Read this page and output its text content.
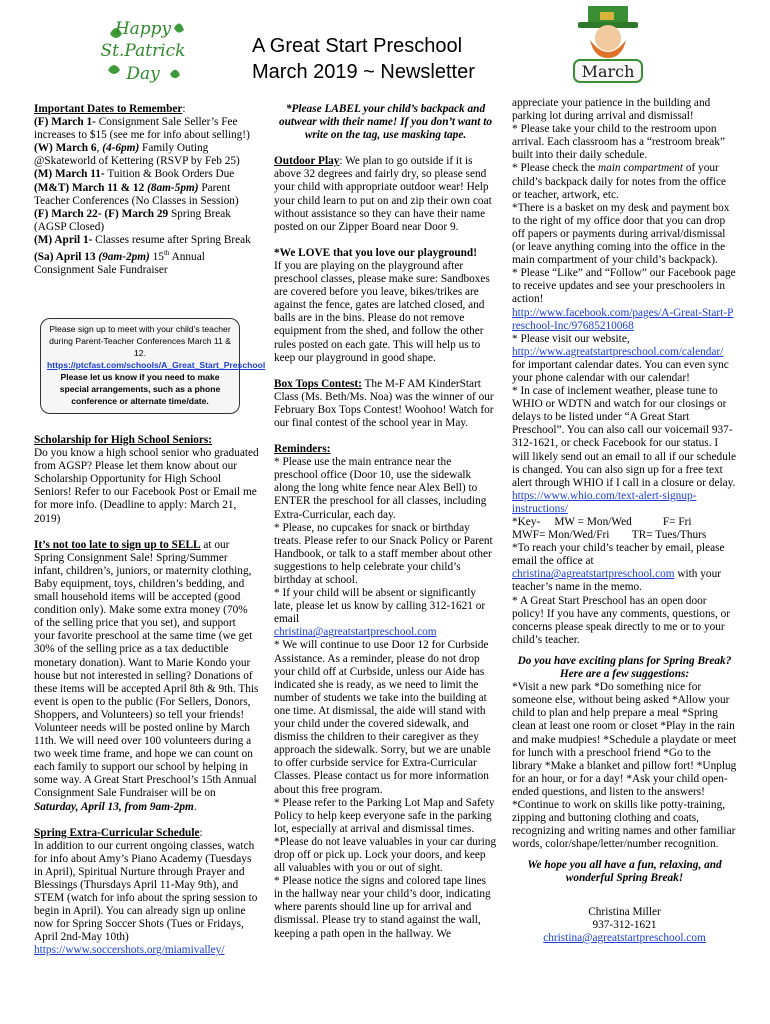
Happy
St.Patrick
Day
A Great Start Preschool
March 2019 ~ Newsletter	March

Important Dates to Remember:

(F) March 1- Consignment Sale Seller’s Fee increases to $15 (see me for info about selling!)

(W) March 6, (4-6pm) Family Outing @Skateworld of Kettering (RSVP by Feb 25)

(M) March 11- Tuition & Book Orders Due

(M&T) March 11 & 12 (8am-5pm) Parent Teacher Conferences (No Classes in Session)

(F) March 22- (F) March 29 Spring Break (AGSP Closed)

(M) April 1- Classes resume after Spring Break

(Sa) April 13 (9am-2pm) 15th Annual Consignment Sale Fundraiser

Please sign up to meet with your child’s teacher during Parent-Teacher Conferences March 11 & 12.
https://ptcfast.com/schools/A_Great_Start_Preschool Please let us know if you need to make special arrangements, such as a phone conference or alternate time/date.

Scholarship for High School Seniors:

Do you know a high school senior who graduated from AGSP? Please let them know about our Scholarship Opportunity for High School Seniors! Refer to our Facebook Post or Email me for more info. (Deadline to apply: March 21, 2019)

It’s not too late to sign up to SELL at our Spring Consignment Sale! Spring/Summer infant, children’s, juniors, or maternity clothing, Baby equipment, toys, children’s bedding, and small household items will be accepted (good condition only). Make some extra money (70% of the selling price that you set), and support your favorite preschool at the same time (we get 30% of the selling price as a tax deductible monetary donation). Want to Marie Kondo your house but not interested in selling? Donations of these items will be accepted April 8th & 9th. This event is open to the public (For Sellers, Donors, Shoppers, and Volunteers) so tell your friends! Volunteer needs will be posted online by March 11th. We will need over 100 volunteers during a two week time frame, and hope we can count on each family to support our school by helping in some way. A Great Start Preschool’s 15th Annual Consignment Sale Fundraiser will be on Saturday, April 13, from 9am-2pm.

Spring Extra-Curricular Schedule:

In addition to our current ongoing classes, watch for info about Amy’s Piano Academy (Tuesdays in April), Spiritual Nurture through Prayer and Blessings (Thursdays April 11-May 9th), and STEM (watch for info about the spring session to begin in April). You can already sign up online now for Spring Soccer Shots (Tues or Fridays, April 2nd-May 10th)
https://www.soccershots.org/miamivalley/

*Please LABEL your child’s backpack and outwear with their name! If you don’t want to write on the tag, use masking tape.

Outdoor Play: We plan to go outside if it is above 32 degrees and fairly dry, so please send your child with appropriate outdoor wear! Help your child learn to put on and zip their own coat without assistance so they can have their name posted on our Zipper Board near Door 9.

*We LOVE that you love our playground!

If you are playing on the playground after preschool classes, please make sure: Sandboxes are covered before you leave, bikes/trikes are against the fence, gates are latched closed, and balls are in the bins. Please do not remove equipment from the shed, and follow the other rules posted on each gate. This will help us to keep our playground in good shape.

Box Tops Contest: The M-F AM KinderStart Class (Ms. Beth/Ms. Noa) was the winner of our February Box Tops Contest! Woohoo! Watch for our final contest of the school year in May.

Reminders:

* Please use the main entrance near the preschool office (Door 10, use the sidewalk along the long white fence near Alex Bell) to ENTER the preschool for all classes, including Extra-Curricular, each day.
* Please, no cupcakes for snack or birthday treats. Please refer to our Snack Policy or Parent Handbook, or talk to a staff member about other suggestions to help celebrate your child’s birthday at school.
* If your child will be absent or significantly late, please let us know by calling 312-1621 or email
christina@agreatstartpreschool.com
* We will continue to use Door 12 for Curbside Assistance. As a reminder, please do not drop your child off at Curbside, unless our Aide has indicated she is ready, as we need to limit the number of students we take into the building at one time. At dismissal, the aide will stand with your child under the covered sidewalk, and dismiss the children to their caregiver as they approach the sidewalk. Sorry, but we are unable to offer curbside service for Extra-Curricular Classes. Please contact us for more information about this free program.
* Please refer to the Parking Lot Map and Safety Policy to help keep everyone safe in the parking lot, especially at arrival and dismissal times.
*Please do not leave valuables in your car during drop off or pick up. Lock your doors, and keep all valuables with you or out of sight.
* Please notice the signs and colored tape lines in the hallway near your child’s door, indicating where parents should line up for arrival and dismissal. Please try to stand against the wall, keeping a path open in the hallway. We

appreciate your patience in the building and parking lot during arrival and dismissal!
* Please take your child to the restroom upon arrival. Each classroom has a “restroom break” built into their daily schedule.
* Please check the main compartment of your child’s backpack daily for notes from the office or teacher, artwork, etc.
*There is a basket on my desk and payment box to the right of my office door that you can drop off papers or payments during arrival/dismissal (or leave anything coming into the office in the main compartment of your child’s backpack).
* Please “Like” and “Follow” our Facebook page to receive updates and see your preschoolers in action!

http://www.facebook.com/pages/A-Great-Start-Preschool-Inc/97685210068

* Please visit our website,

http://www.agreatstartpreschool.com/calendar/
for important calendar dates. You can even sync your phone calendar with our calendar!
* In case of inclement weather, please tune to WHIO or WDTN and watch for our closings or delays to be listed under “A Great Start Preschool”. You can also call our voicemail 937-312-1621, or check Facebook for our status. I will likely send out an email to all if our schedule is changed. You can also sign up for a free text alert through WHIO if I call in a closure or delay. https://www.whio.com/text-alert-signup-instructions/

*Key-     MW = Mon/Wed           F= Fri

MWF= Mon/Wed/Fri        TR= Tues/Thurs

*To reach your child’s teacher by email, please email the office at
christina@agreatstartpreschool.com with your teacher’s name in the memo.
* A Great Start Preschool has an open door policy! If you have any comments, questions, or concerns please speak directly to me or to your child’s teacher.

Do you have exciting plans for Spring Break? Here are a few suggestions:

*Visit a new park *Do something nice for someone else, without being asked *Allow your child to plan and help prepare a meal *Spring clean at least one room or closet *Play in the rain and make mudpies! *Schedule a playdate or meet for lunch with a preschool friend *Go to the library *Make a blanket and pillow fort! *Unplug for an hour, or for a day! *Ask your child open-ended questions, and listen to the answers! *Continue to work on skills like potty-training, zipping and buttoning clothing and coats, recognizing and writing names and other familiar words, color/shape/letter/number recognition.

We hope you all have a fun, relaxing, and wonderful Spring Break!

Christina Miller

937-312-1621

christina@agreatstartpreschool.com
